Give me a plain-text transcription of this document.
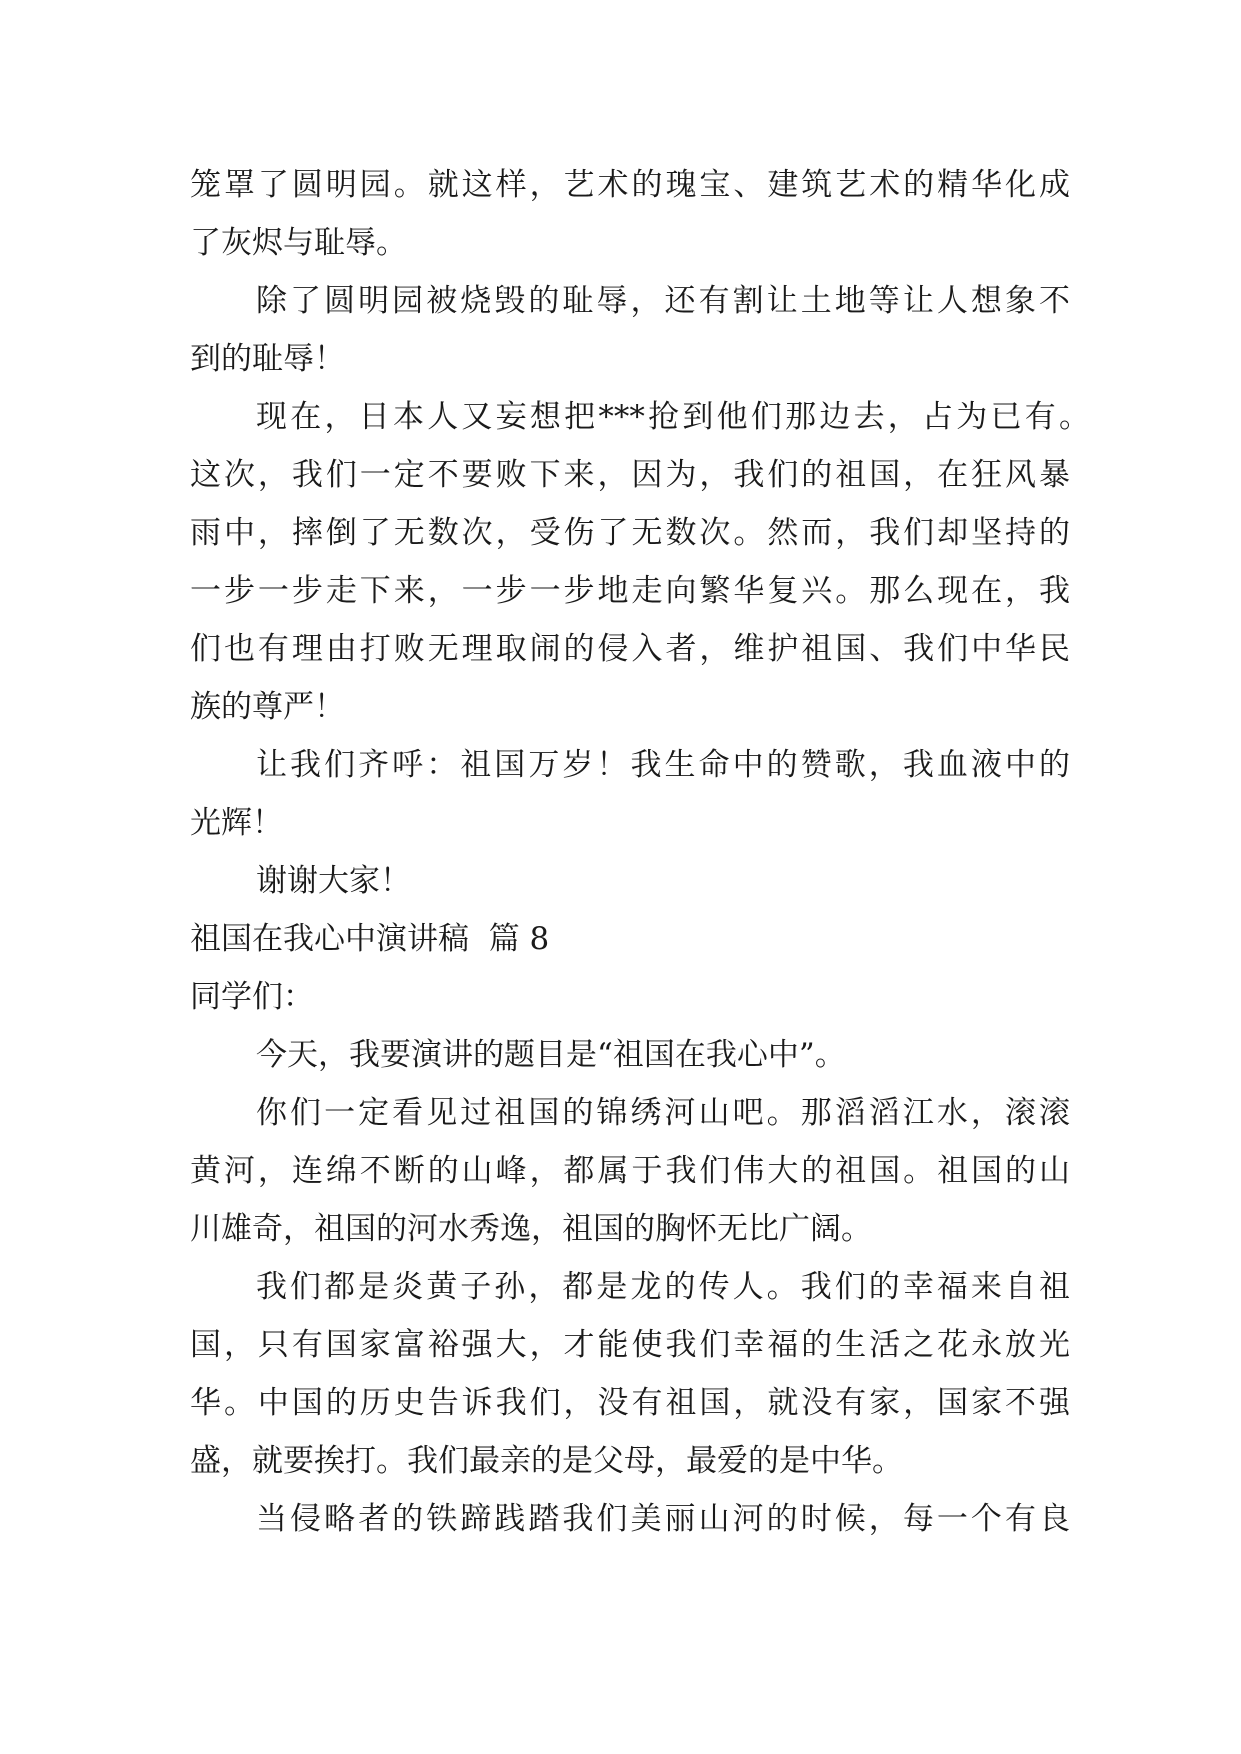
笼罩了圆明园。就这样，艺术的瑰宝、建筑艺术的精华化成
了灰烬与耻辱。
除了圆明园被烧毁的耻辱，还有割让土地等让人想象不
到的耻辱！
现在，日本人又妄想把***抢到他们那边去，占为已有。
这次，我们一定不要败下来，因为，我们的祖国，在狂风暴
雨中，摔倒了无数次，受伤了无数次。然而，我们却坚持的
一步一步走下来，一步一步地走向繁华复兴。那么现在，我
们也有理由打败无理取闹的侵入者，维护祖国、我们中华民
族的尊严！
让我们齐呼：祖国万岁！我生命中的赞歌，我血液中的
光辉！
谢谢大家！
祖国在我心中演讲稿  篇 8
同学们：
今天，我要演讲的题目是“祖国在我心中”。
你们一定看见过祖国的锦绣河山吧。那滔滔江水，滚滚
黄河，连绵不断的山峰，都属于我们伟大的祖国。祖国的山
川雄奇，祖国的河水秀逸，祖国的胸怀无比广阔。
我们都是炎黄子孙，都是龙的传人。我们的幸福来自祖
国，只有国家富裕强大，才能使我们幸福的生活之花永放光
华。中国的历史告诉我们，没有祖国，就没有家，国家不强
盛，就要挨打。我们最亲的是父母，最爱的是中华。
当侵略者的铁蹄践踏我们美丽山河的时候，每一个有良
